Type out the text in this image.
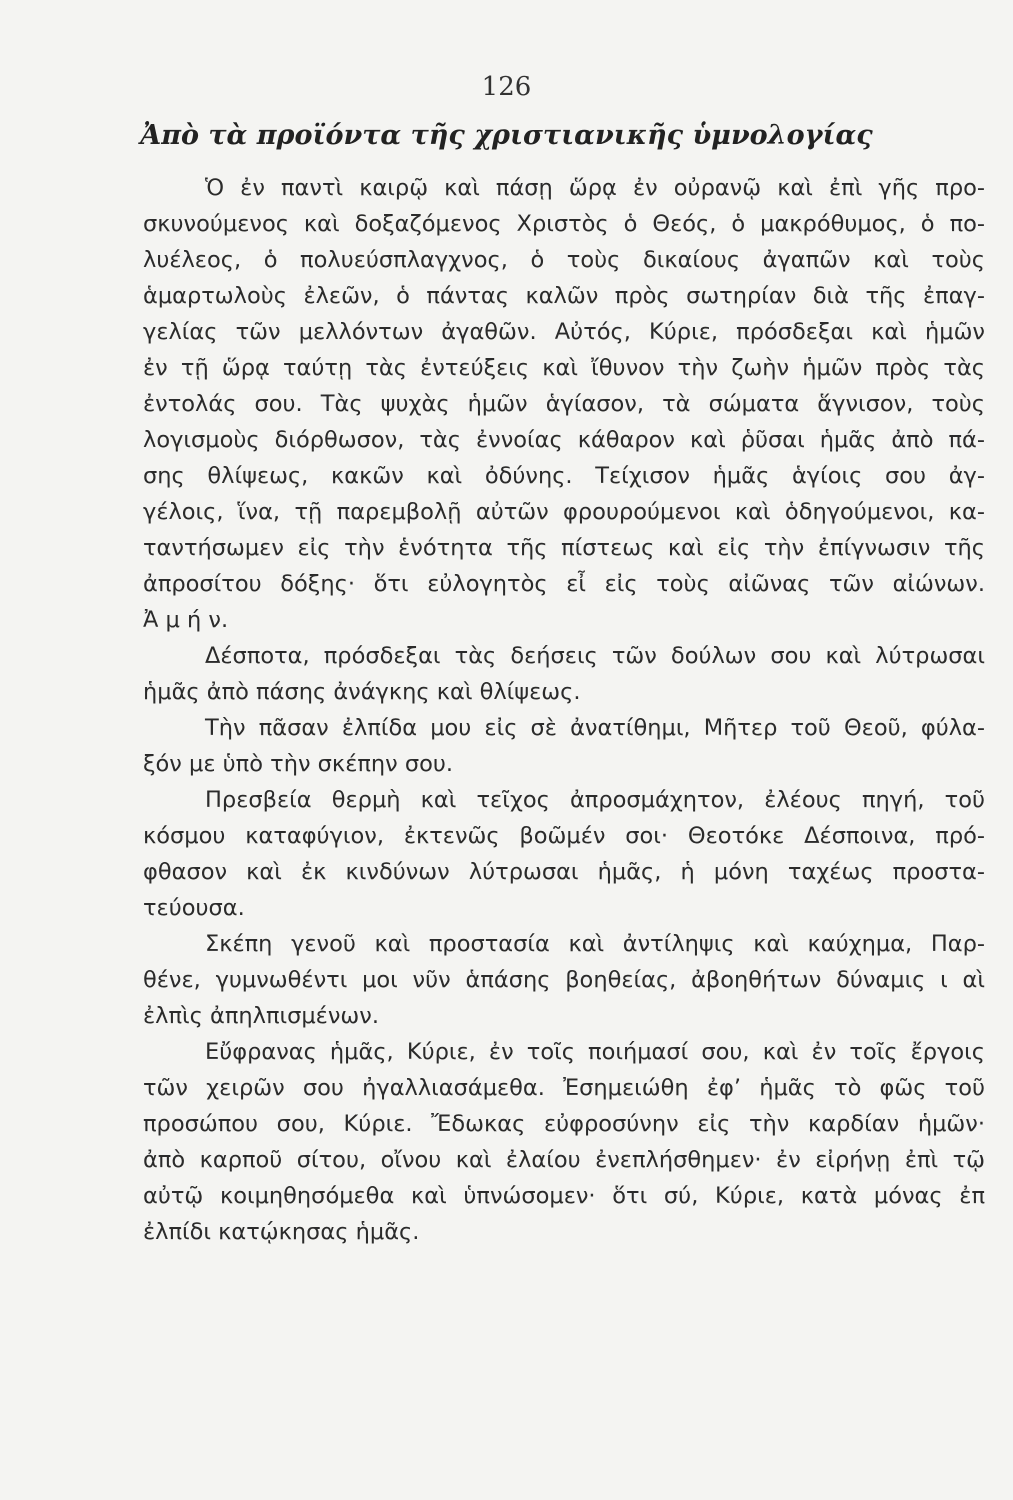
126
Ἀπὸ τὰ προϊόντα τῆς χριστιανικῆς ὑμνολογίας
Ὁ ἐν παντὶ καιρῷ καὶ πάσῃ ὥρᾳ ἐν οὐρανῷ καὶ ἐπὶ γῆς προ-
σκυνούμενος καὶ δοξαζόμενος Χριστὸς ὁ Θεός, ὁ μακρόθυμος, ὁ πο-
λυέλεος, ὁ πολυεύσπλαγχνος, ὁ τοὺς δικαίους ἀγαπῶν καὶ τοὺς
ἁμαρτωλοὺς ἐλεῶν, ὁ πάντας καλῶν πρὸς σωτηρίαν διὰ τῆς ἐπαγ-
γελίας τῶν μελλόντων ἀγαθῶν. Αὐτός, Κύριε, πρόσδεξαι καὶ ἡμῶν
ἐν τῇ ὥρᾳ ταύτῃ τὰς ἐντεύξεις καὶ ἴθυνον τὴν ζωὴν ἡμῶν πρὸς τὰς
ἐντολάς σου. Τὰς ψυχὰς ἡμῶν ἁγίασον, τὰ σώματα ἅγνισον, τοὺς
λογισμοὺς διόρθωσον, τὰς ἐννοίας κάθαρον καὶ ῥῦσαι ἡμᾶς ἀπὸ πά-
σης θλίψεως, κακῶν καὶ ὀδύνης. Τείχισον ἡμᾶς ἁγίοις σου ἀγ-
γέλοις, ἵνα, τῇ παρεμβολῇ αὐτῶν φρουρούμενοι καὶ ὁδηγούμενοι, κα-
ταντήσωμεν εἰς τὴν ἑνότητα τῆς πίστεως καὶ εἰς τὴν ἐπίγνωσιν τῆς
ἀπροσίτου δόξης· ὅτι εὐλογητὸς εἶ εἰς τοὺς αἰῶνας τῶν αἰώνων.
Ἀ μ ή ν.
Δέσποτα, πρόσδεξαι τὰς δεήσεις τῶν δούλων σου καὶ λύτρωσαι
ἡμᾶς ἀπὸ πάσης ἀνάγκης καὶ θλίψεως.
Τὴν πᾶσαν ἐλπίδα μου εἰς σὲ ἀνατίθημι, Μῆτερ τοῦ Θεοῦ, φύλα-
ξόν με ὑπὸ τὴν σκέπην σου.
Πρεσβεία θερμὴ καὶ τεῖχος ἀπροσμάχητον, ἐλέους πηγή, τοῦ
κόσμου καταφύγιον, ἐκτενῶς βοῶμέν σοι· Θεοτόκε Δέσποινα, πρό-
φθασον καὶ ἐκ κινδύνων λύτρωσαι ἡμᾶς, ἡ μόνη ταχέως προστα-
τεύουσα.
Σκέπη γενοῦ καὶ προστασία καὶ ἀντίληψις καὶ καύχημα, Παρ-
θένε, γυμνωθέντι μοι νῦν ἁπάσης βοηθείας, ἀβοηθήτων δύναμις ι αὶ
ἐλπὶς ἀπηλπισμένων.
Εὔφρανας ἡμᾶς, Κύριε, ἐν τοῖς ποιήμασί σου, καὶ ἐν τοῖς ἔργοις
τῶν χειρῶν σου ἠγαλλιασάμεθα. Ἐσημειώθη ἐφ’ ἡμᾶς τὸ φῶς τοῦ
προσώπου σου, Κύριε. Ἔδωκας εὐφροσύνην εἰς τὴν καρδίαν ἡμῶν·
ἀπὸ καρποῦ σίτου, οἴνου καὶ ἐλαίου ἐνεπλήσθημεν· ἐν εἰρήνῃ ἐπὶ τῷ
αὐτῷ κοιμηθησόμεθα καὶ ὑπνώσομεν· ὅτι σύ, Κύριε, κατὰ μόνας ἐπ
ἐλπίδι κατῴκησας ἡμᾶς.
